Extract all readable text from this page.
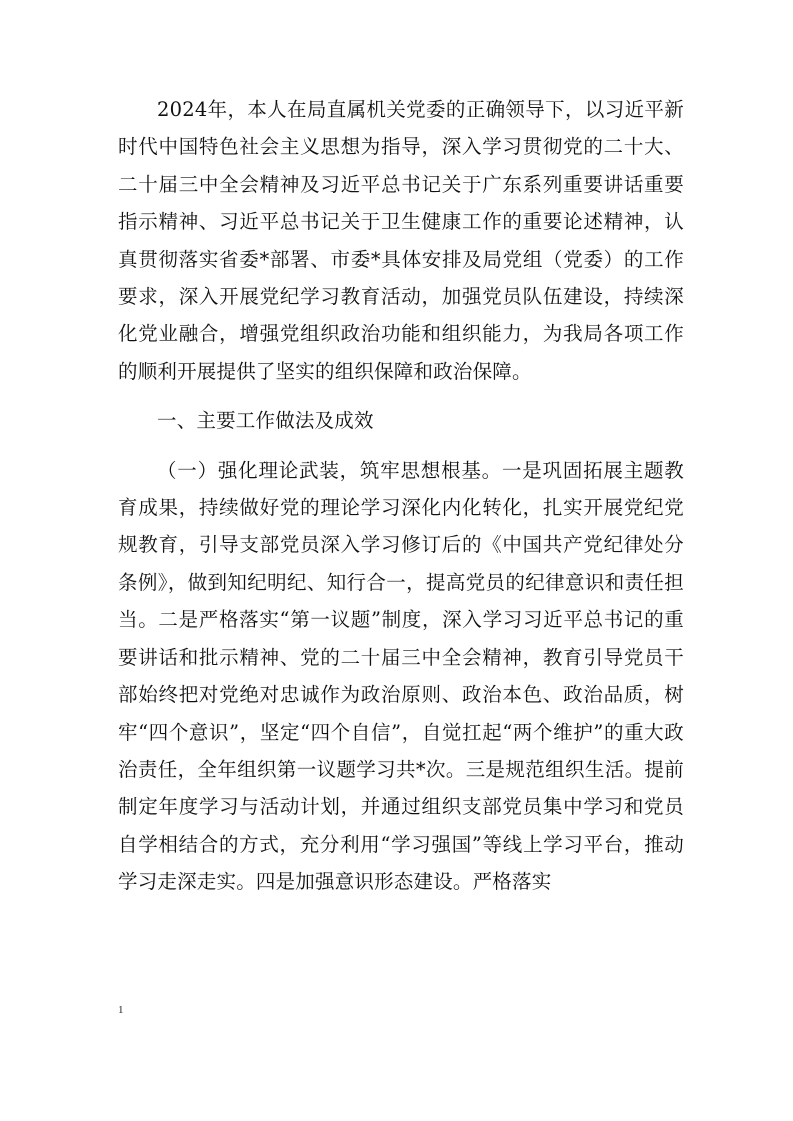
2024年，本人在局直属机关党委的正确领导下，以习近平新时代中国特色社会主义思想为指导，深入学习贯彻党的二十大、二十届三中全会精神及习近平总书记关于广东系列重要讲话重要指示精神、习近平总书记关于卫生健康工作的重要论述精神，认真贯彻落实省委*部署、市委*具体安排及局党组（党委）的工作要求，深入开展党纪学习教育活动，加强党员队伍建设，持续深化党业融合，增强党组织政治功能和组织能力，为我局各项工作的顺利开展提供了坚实的组织保障和政治保障。

一、主要工作做法及成效

（一）强化理论武装，筑牢思想根基。一是巩固拓展主题教育成果，持续做好党的理论学习深化内化转化，扎实开展党纪党规教育，引导支部党员深入学习修订后的《中国共产党纪律处分条例》，做到知纪明纪、知行合一，提高党员的纪律意识和责任担当。二是严格落实“第一议题”制度，深入学习习近平总书记的重要讲话和批示精神、党的二十届三中全会精神，教育引导党员干部始终把对党绝对忠诚作为政治原则、政治本色、政治品质，树牢“四个意识”，坚定“四个自信”，自觉扛起“两个维护”的重大政治责任，全年组织第一议题学习共*次。三是规范组织生活。提前制定年度学习与活动计划，并通过组织支部党员集中学习和党员自学相结合的方式，充分利用“学习强国”等线上学习平台，推动学习走深走实。四是加强意识形态建设。严格落实

1
